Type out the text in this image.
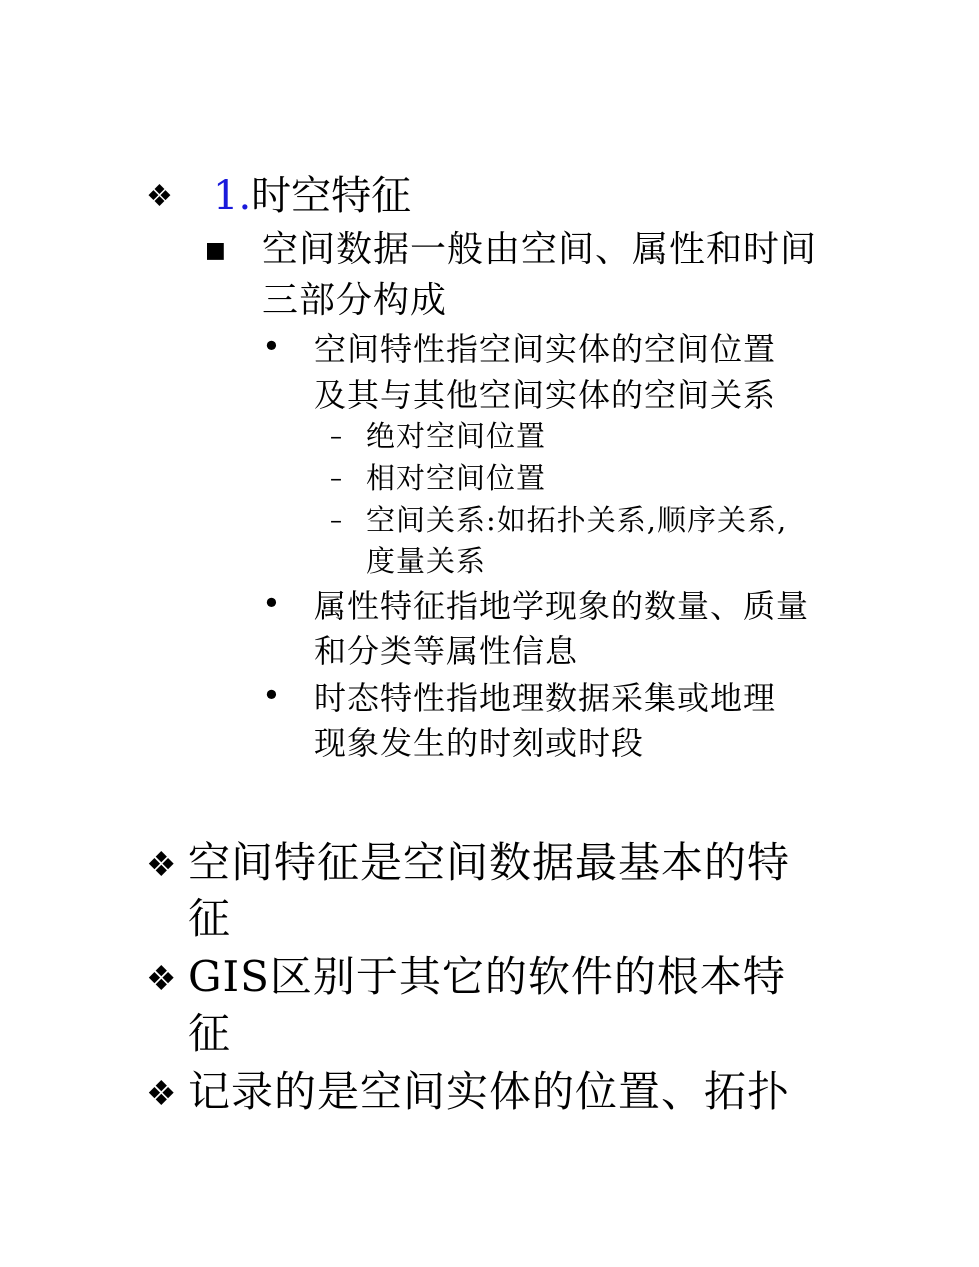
❖ 1.时空特征
■ 空间数据一般由空间、属性和时间
三部分构成
• 空间特性指空间实体的空间位置
及其与其他空间实体的空间关系
– 绝对空间位置
– 相对空间位置
– 空间关系:如拓扑关系,顺序关系,
度量关系
• 属性特征指地学现象的数量、质量
和分类等属性信息
• 时态特性指地理数据采集或地理
现象发生的时刻或时段
❖ 空间特征是空间数据最基本的特
征
❖ GIS区别于其它的软件的根本特
征
❖ 记录的是空间实体的位置、拓扑
